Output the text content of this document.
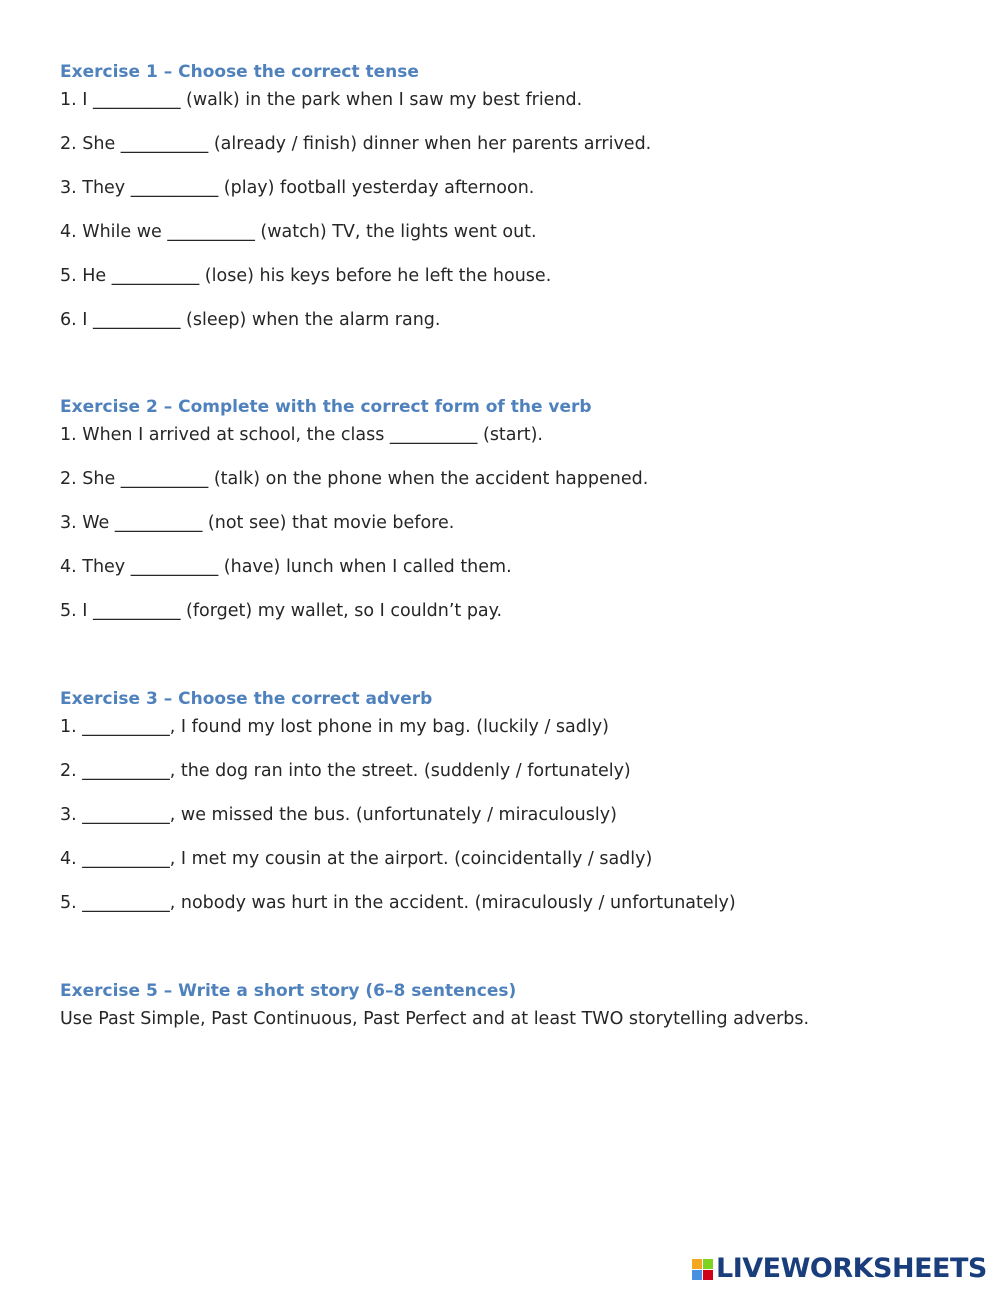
Exercise 1 – Choose the correct tense

1. I __________ (walk) in the park when I saw my best friend.

2. She __________ (already / finish) dinner when her parents arrived.

3. They __________ (play) football yesterday afternoon.

4. While we __________ (watch) TV, the lights went out.

5. He __________ (lose) his keys before he left the house.

6. I __________ (sleep) when the alarm rang.

Exercise 2 – Complete with the correct form of the verb

1. When I arrived at school, the class __________ (start).

2. She __________ (talk) on the phone when the accident happened.

3. We __________ (not see) that movie before.

4. They __________ (have) lunch when I called them.

5. I __________ (forget) my wallet, so I couldn’t pay.

Exercise 3 – Choose the correct adverb

1. __________, I found my lost phone in my bag. (luckily / sadly)

2. __________, the dog ran into the street. (suddenly / fortunately)

3. __________, we missed the bus. (unfortunately / miraculously)

4. __________, I met my cousin at the airport. (coincidentally / sadly)

5. __________, nobody was hurt in the accident. (miraculously / unfortunately)

Exercise 5 – Write a short story (6–8 sentences)

Use Past Simple, Past Continuous, Past Perfect and at least TWO storytelling adverbs.

LIVEWORKSHEETS
